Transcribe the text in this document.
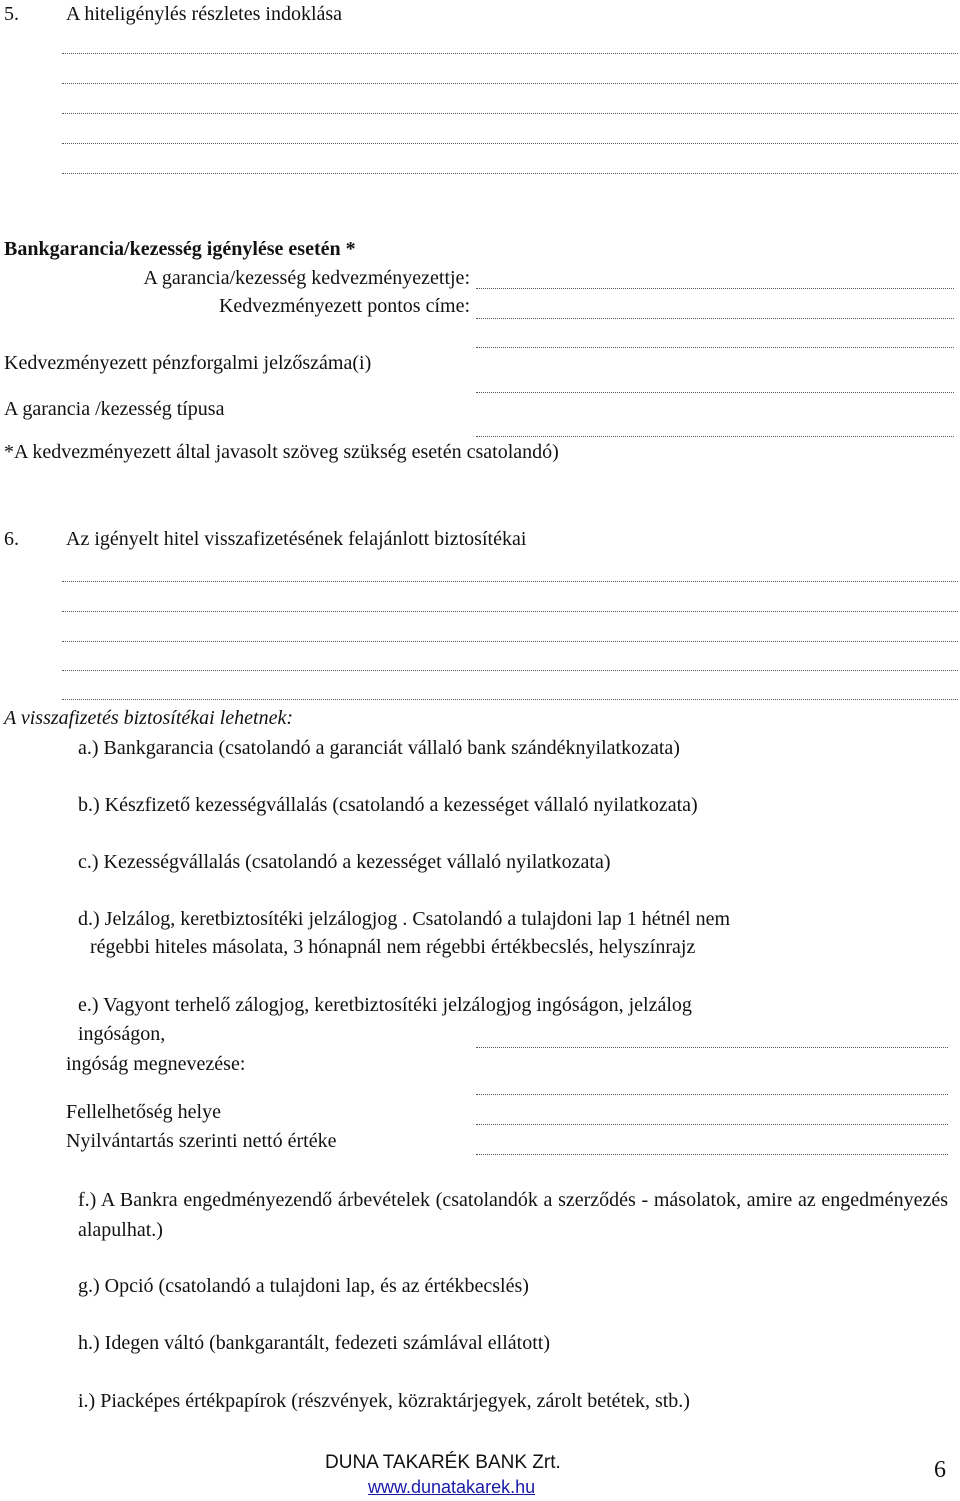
5. A hiteligénylés részletes indoklása
Bankgarancia/kezesség igénylése esetén *
A garancia/kezesség kedvezményezettje:
Kedvezményezett pontos címe:
Kedvezményezett pénzforgalmi jelzőszáma(i)
A garancia /kezesség típusa
*A kedvezményezett által javasolt szöveg szükség esetén csatolandó)
6. Az igényelt hitel visszafizetésének felajánlott biztosítékai
A visszafizetés biztosítékai lehetnek:
a.) Bankgarancia (csatolandó a garanciát vállaló bank szándéknyilatkozata)
b.) Készfizető kezességvállalás (csatolandó a kezességet vállaló nyilatkozata)
c.) Kezességvállalás (csatolandó a kezességet vállaló nyilatkozata)
d.) Jelzálog, keretbiztosítéki jelzálogjog . Csatolandó a tulajdoni lap 1 hétnél nem
régebbi hiteles másolata, 3 hónapnál nem régebbi értékbecslés, helyszínrajz
e.) Vagyont terhelő zálogjog, keretbiztosítéki jelzálogjog ingóságon, jelzálog
ingóságon,
ingóság megnevezése:
Fellelhetőség helye
Nyilvántartás szerinti nettó értéke
f.) A Bankra engedményezendő árbevételek (csatolandók a szerződés - másolatok, amire az engedményezés alapulhat.)
g.) Opció (csatolandó a tulajdoni lap, és az értékbecslés)
h.) Idegen váltó (bankgarantált, fedezeti számlával ellátott)
i.) Piacképes értékpapírok (részvények, közraktárjegyek, zárolt betétek, stb.)
DUNA TAKARÉK BANK Zrt.
www.dunatakarek.hu
6
